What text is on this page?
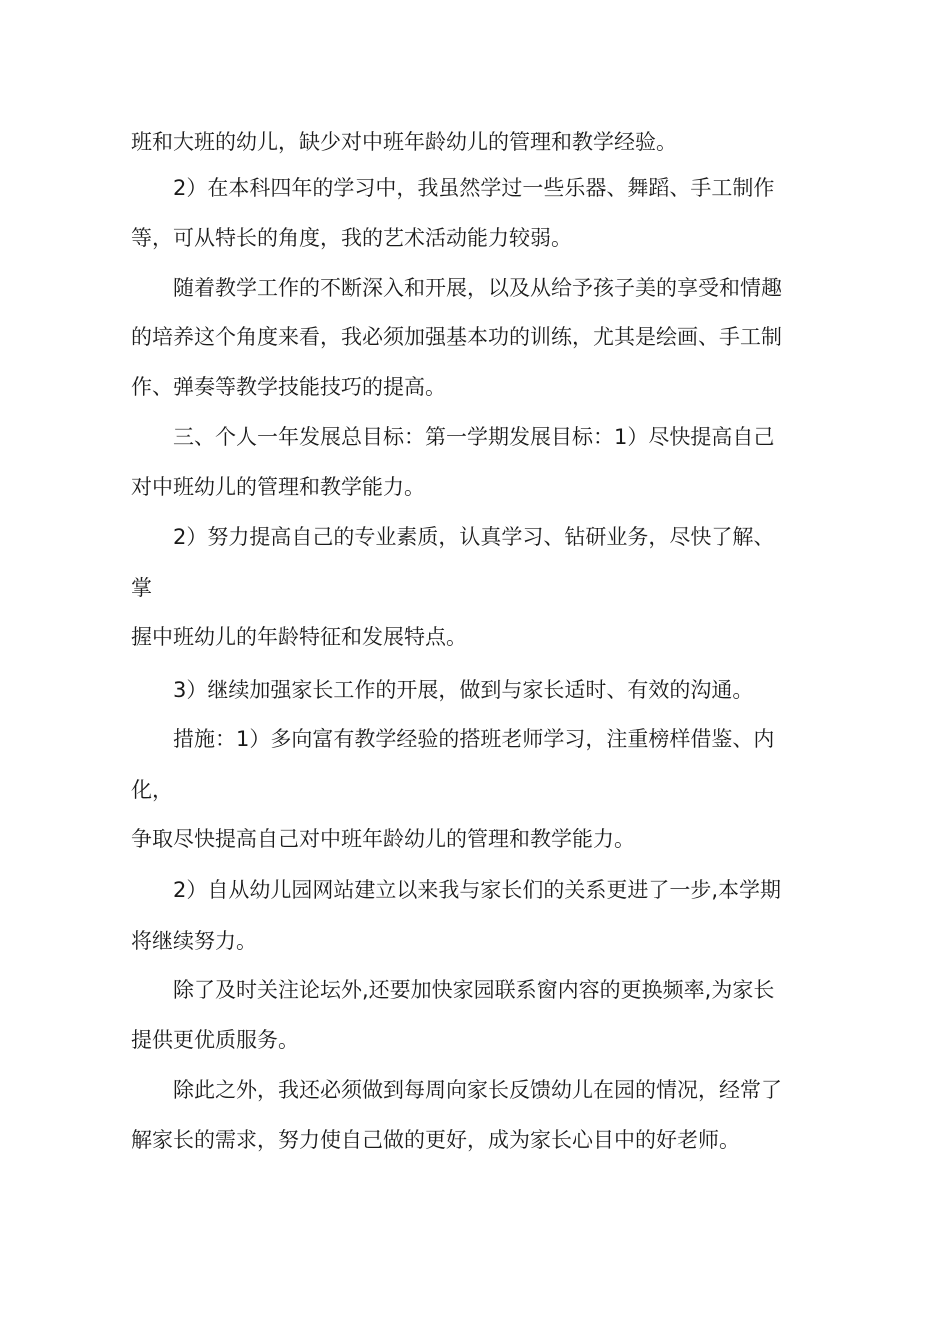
班和大班的幼儿，缺少对中班年龄幼儿的管理和教学经验。
2）在本科四年的学习中，我虽然学过一些乐器、舞蹈、手工制作
等，可从特长的角度，我的艺术活动能力较弱。
随着教学工作的不断深入和开展，以及从给予孩子美的享受和情趣
的培养这个角度来看，我必须加强基本功的训练，尤其是绘画、手工制
作、弹奏等教学技能技巧的提高。
三、个人一年发展总目标：第一学期发展目标：1）尽快提高自己
对中班幼儿的管理和教学能力。
2）努力提高自己的专业素质，认真学习、钻研业务，尽快了解、
掌
握中班幼儿的年龄特征和发展特点。
3）继续加强家长工作的开展，做到与家长适时、有效的沟通。
措施：1）多向富有教学经验的搭班老师学习，注重榜样借鉴、内
化，
争取尽快提高自己对中班年龄幼儿的管理和教学能力。
2）自从幼儿园网站建立以来我与家长们的关系更进了一步,本学期
将继续努力。
除了及时关注论坛外,还要加快家园联系窗内容的更换频率,为家长
提供更优质服务。
除此之外，我还必须做到每周向家长反馈幼儿在园的情况，经常了
解家长的需求，努力使自己做的更好，成为家长心目中的好老师。
